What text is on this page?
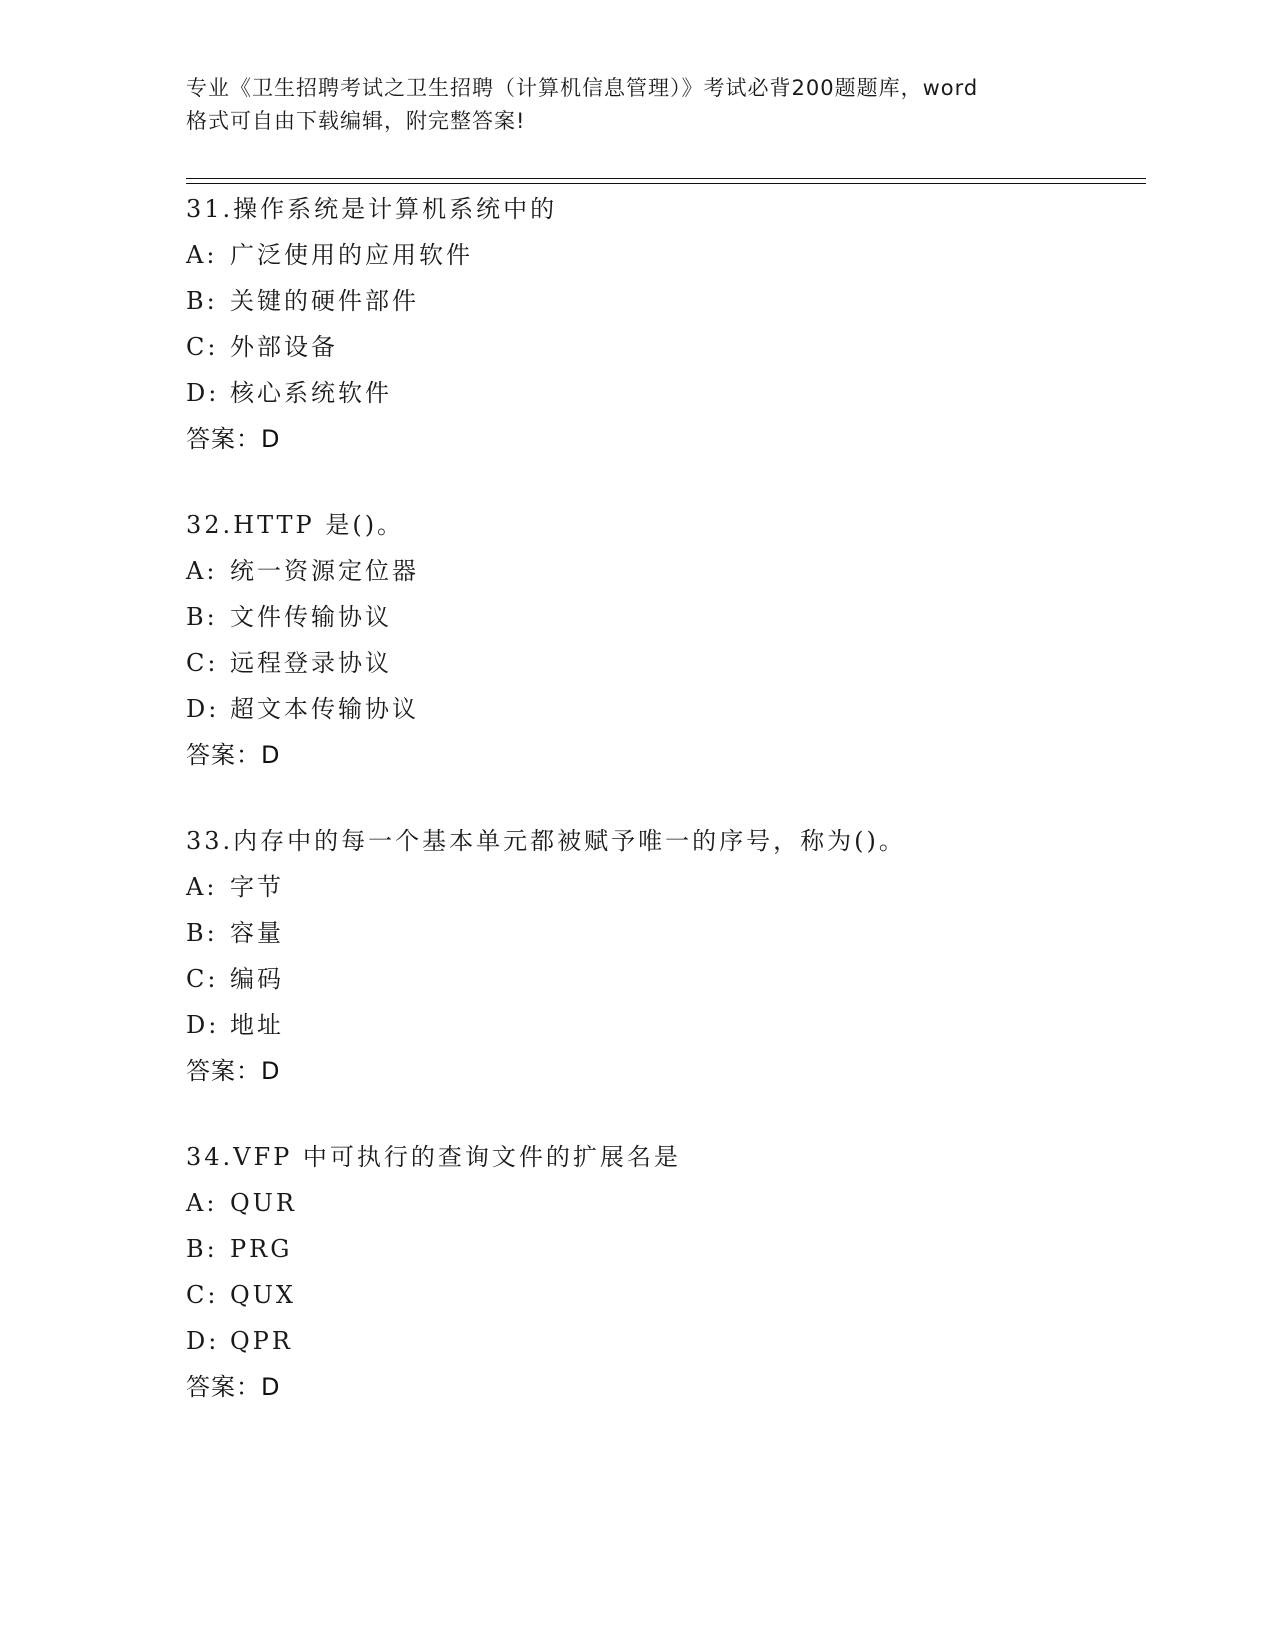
专业《卫生招聘考试之卫生招聘（计算机信息管理）》考试必背200题题库，word
格式可自由下载编辑，附完整答案!
31.操作系统是计算机系统中的
A: 广泛使用的应用软件
B: 关键的硬件部件
C: 外部设备
D: 核心系统软件
答案：D
32.HTTP 是()。
A: 统一资源定位器
B: 文件传输协议
C: 远程登录协议
D: 超文本传输协议
答案：D
33.内存中的每一个基本单元都被赋予唯一的序号，称为()。
A: 字节
B: 容量
C: 编码
D: 地址
答案：D
34.VFP 中可执行的查询文件的扩展名是
A: QUR
B: PRG
C: QUX
D: QPR
答案：D
